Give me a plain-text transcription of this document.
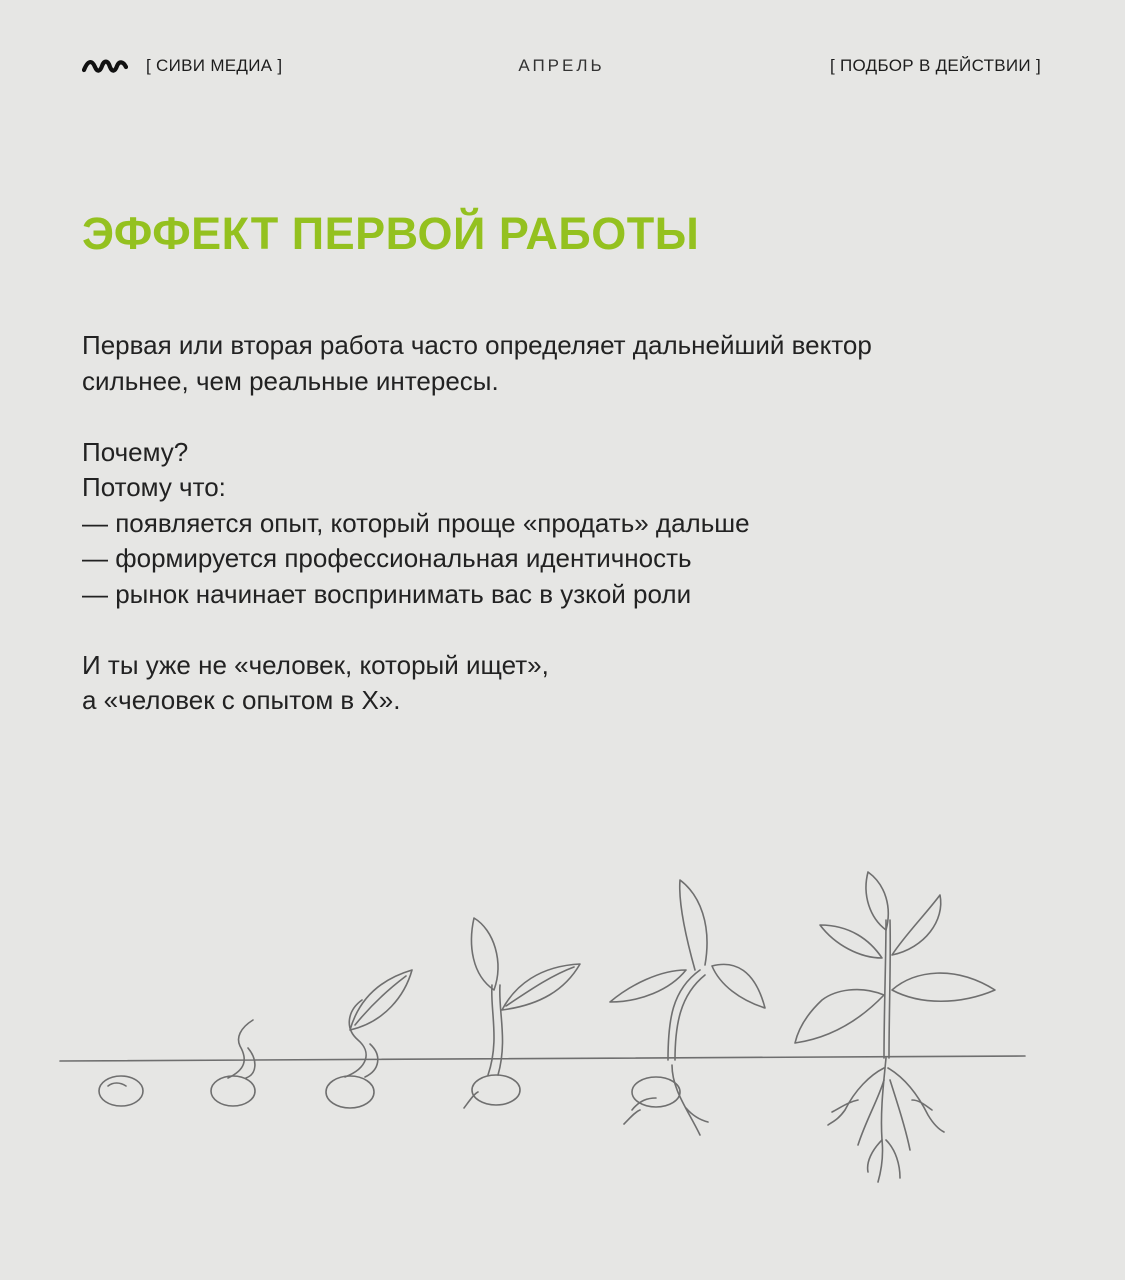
[ СИВИ МЕДИА ]	АПРЕЛЬ	[ ПОДБОР В ДЕЙСТВИИ ]
ЭФФЕКТ ПЕРВОЙ РАБОТЫ

Первая или вторая работа часто определяет дальнейший вектор

сильнее, чем реальные интересы.

Почему?

Потому что:

— появляется опыт, который проще «продать» дальше

— формируется профессиональная идентичность

— рынок начинает воспринимать вас в узкой роли

И ты уже не «человек, который ищет»,

а «человек с опытом в Х».
